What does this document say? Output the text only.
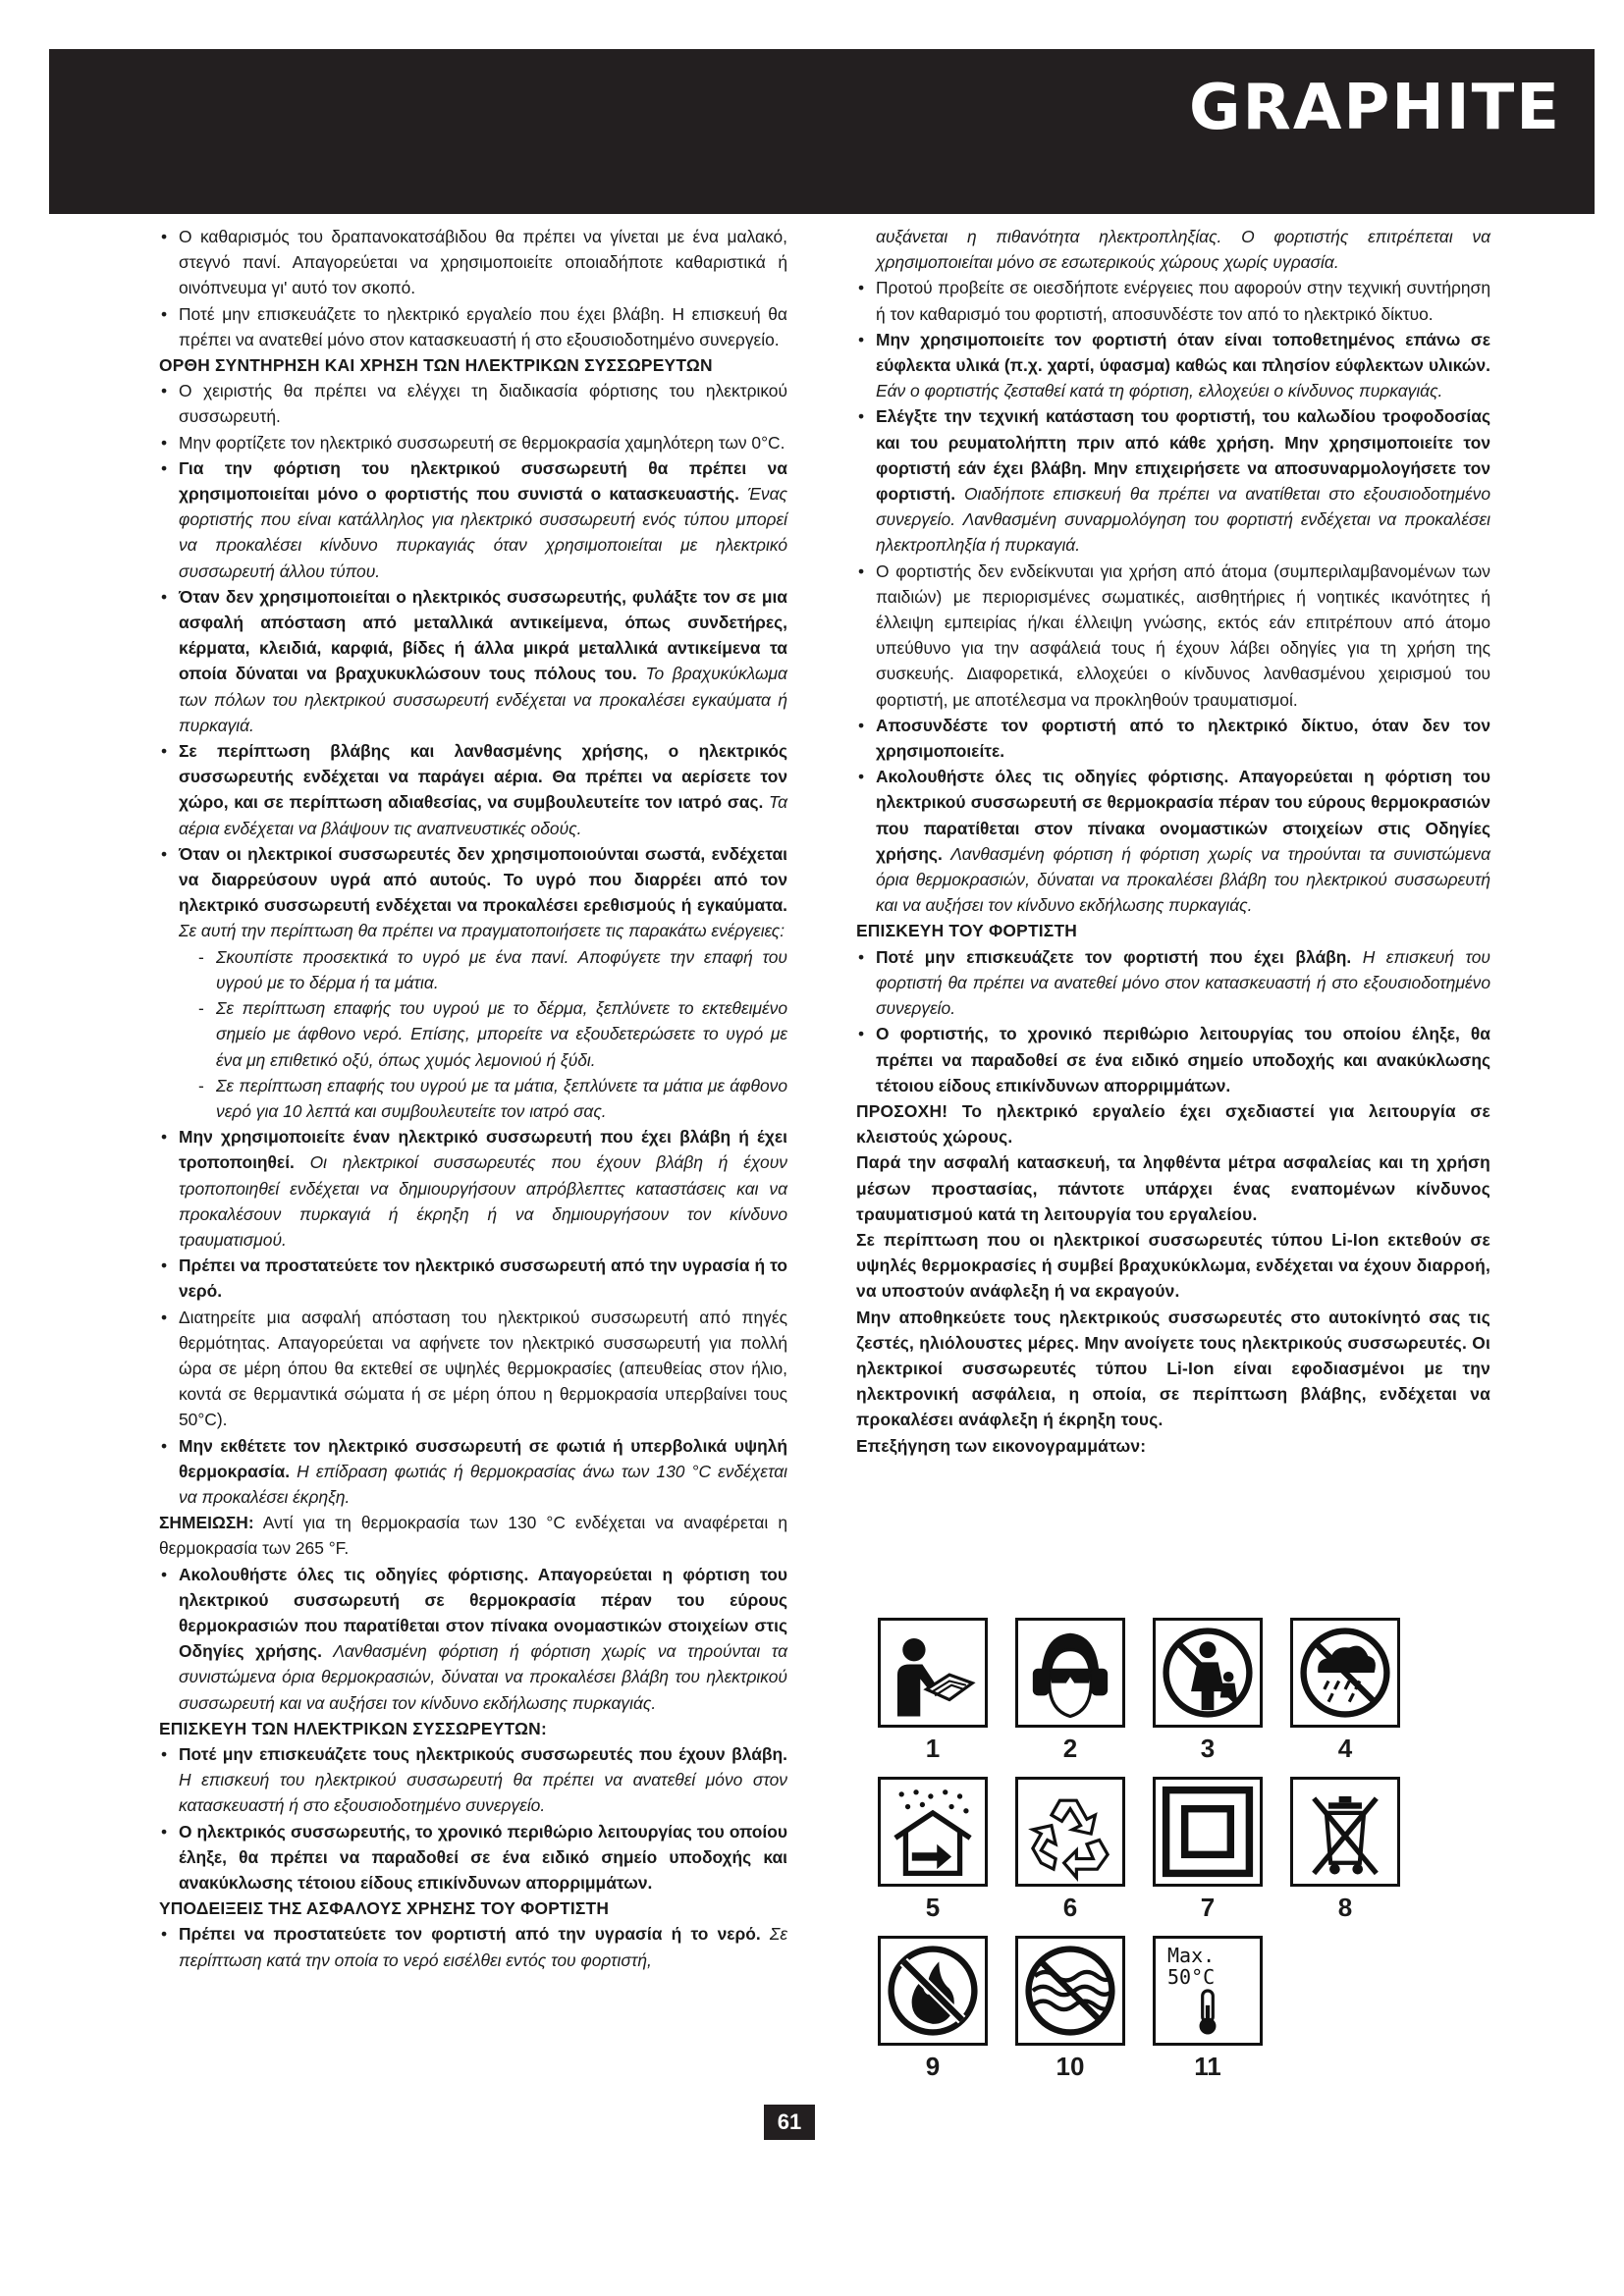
GRAPHITE
• Ο καθαρισμός του δραπανοκατσάβιδου θα πρέπει να γίνεται με ένα μαλακό, στεγνό πανί. Απαγορεύεται να χρησιμοποιείτε οποιαδήποτε καθαριστικά ή οινόπνευμα γι' αυτό τον σκοπό.
• Ποτέ μην επισκευάζετε το ηλεκτρικό εργαλείο που έχει βλάβη. Η επισκευή θα πρέπει να ανατεθεί μόνο στον κατασκευαστή ή στο εξουσιοδοτημένο συνεργείο.

ΟΡΘΗ ΣΥΝΤΗΡΗΣΗ ΚΑΙ ΧΡΗΣΗ ΤΩΝ ΗΛΕΚΤΡΙΚΩΝ ΣΥΣΣΩΡΕΥΤΩΝ

• Ο χειριστής θα πρέπει να ελέγχει τη διαδικασία φόρτισης του ηλεκτρικού συσσωρευτή.
• Μην φορτίζετε τον ηλεκτρικό συσσωρευτή σε θερμοκρασία χαμηλότερη των 0°C.
• Για την φόρτιση του ηλεκτρικού συσσωρευτή θα πρέπει να χρησιμοποιείται μόνο ο φορτιστής που συνιστά ο κατασκευαστής. Ένας φορτιστής που είναι κατάλληλος για ηλεκτρικό συσσωρευτή ενός τύπου μπορεί να προκαλέσει κίνδυνο πυρκαγιάς όταν χρησιμοποιείται με ηλεκτρικό συσσωρευτή άλλου τύπου.
• Όταν δεν χρησιμοποιείται ο ηλεκτρικός συσσωρευτής, φυλάξτε τον σε μια ασφαλή απόσταση από μεταλλικά αντικείμενα, όπως συνδετήρες, κέρματα, κλειδιά, καρφιά, βίδες ή άλλα μικρά μεταλλικά αντικείμενα τα οποία δύναται να βραχυκυκλώσουν τους πόλους του. Το βραχυκύκλωμα των πόλων του ηλεκτρικού συσσωρευτή ενδέχεται να προκαλέσει εγκαύματα ή πυρκαγιά.
• Σε περίπτωση βλάβης και λανθασμένης χρήσης, ο ηλεκτρικός συσσωρευτής ενδέχεται να παράγει αέρια. Θα πρέπει να αερίσετε τον χώρο, και σε περίπτωση αδιαθεσίας, να συμβουλευτείτε τον ιατρό σας. Τα αέρια ενδέχεται να βλάψουν τις αναπνευστικές οδούς.
• Όταν οι ηλεκτρικοί συσσωρευτές δεν χρησιμοποιούνται σωστά, ενδέχεται να διαρρεύσουν υγρά από αυτούς. Το υγρό που διαρρέει από τον ηλεκτρικό συσσωρευτή ενδέχεται να προκαλέσει ερεθισμούς ή εγκαύματα. Σε αυτή την περίπτωση θα πρέπει να πραγματοποιήσετε τις παρακάτω ενέργειες:
- Σκουπίστε προσεκτικά το υγρό με ένα πανί. Αποφύγετε την επαφή του υγρού με το δέρμα ή τα μάτια.
- Σε περίπτωση επαφής του υγρού με το δέρμα, ξεπλύνετε το εκτεθειμένο σημείο με άφθονο νερό. Επίσης, μπορείτε να εξουδετερώσετε το υγρό με ένα μη επιθετικό οξύ, όπως χυμός λεμονιού ή ξύδι.
- Σε περίπτωση επαφής του υγρού με τα μάτια, ξεπλύνετε τα μάτια με άφθονο νερό για 10 λεπτά και συμβουλευτείτε τον ιατρό σας.
• Μην χρησιμοποιείτε έναν ηλεκτρικό συσσωρευτή που έχει βλάβη ή έχει τροποποιηθεί. Οι ηλεκτρικοί συσσωρευτές που έχουν βλάβη ή έχουν τροποποιηθεί ενδέχεται να δημιουργήσουν απρόβλεπτες καταστάσεις και να προκαλέσουν πυρκαγιά ή έκρηξη ή να δημιουργήσουν τον κίνδυνο τραυματισμού.
• Πρέπει να προστατεύετε τον ηλεκτρικό συσσωρευτή από την υγρασία ή το νερό.
• Διατηρείτε μια ασφαλή απόσταση του ηλεκτρικού συσσωρευτή από πηγές θερμότητας. Απαγορεύεται να αφήνετε τον ηλεκτρικό συσσωρευτή για πολλή ώρα σε μέρη όπου θα εκτεθεί σε υψηλές θερμοκρασίες (απευθείας στον ήλιο, κοντά σε θερμαντικά σώματα ή σε μέρη όπου η θερμοκρασία υπερβαίνει τους 50°C).
• Μην εκθέτετε τον ηλεκτρικό συσσωρευτή σε φωτιά ή υπερβολικά υψηλή θερμοκρασία. Η επίδραση φωτιάς ή θερμοκρασίας άνω των 130 °C ενδέχεται να προκαλέσει έκρηξη.

ΣΗΜΕΙΩΣΗ: Αντί για τη θερμοκρασία των 130 °C ενδέχεται να αναφέρεται η θερμοκρασία των 265 °F.

• Ακολουθήστε όλες τις οδηγίες φόρτισης. Απαγορεύεται η φόρτιση του ηλεκτρικού συσσωρευτή σε θερμοκρασία πέραν του εύρους θερμοκρασιών που παρατίθεται στον πίνακα ονομαστικών στοιχείων στις Οδηγίες χρήσης. Λανθασμένη φόρτιση ή φόρτιση χωρίς να τηρούνται τα συνιστώμενα όρια θερμοκρασιών, δύναται να προκαλέσει βλάβη του ηλεκτρικού συσσωρευτή και να αυξήσει τον κίνδυνο εκδήλωσης πυρκαγιάς.

ΕΠΙΣΚΕΥΗ ΤΩΝ ΗΛΕΚΤΡΙΚΩΝ ΣΥΣΣΩΡΕΥΤΩΝ:

• Ποτέ μην επισκευάζετε τους ηλεκτρικούς συσσωρευτές που έχουν βλάβη. Η επισκευή του ηλεκτρικού συσσωρευτή θα πρέπει να ανατεθεί μόνο στον κατασκευαστή ή στο εξουσιοδοτημένο συνεργείο.
• Ο ηλεκτρικός συσσωρευτής, το χρονικό περιθώριο λειτουργίας του οποίου έληξε, θα πρέπει να παραδοθεί σε ένα ειδικό σημείο υποδοχής και ανακύκλωσης τέτοιου είδους επικίνδυνων απορριμμάτων.

ΥΠΟΔΕΙΞΕΙΣ ΤΗΣ ΑΣΦΑΛΟΥΣ ΧΡΗΣΗΣ ΤΟΥ ΦΟΡΤΙΣΤΗ

• Πρέπει να προστατεύετε τον φορτιστή από την υγρασία ή το νερό. Σε περίπτωση κατά την οποία το νερό εισέλθει εντός του φορτιστή,

αυξάνεται η πιθανότητα ηλεκτροπληξίας. Ο φορτιστής επιτρέπεται να χρησιμοποιείται μόνο σε εσωτερικούς χώρους χωρίς υγρασία.

• Προτού προβείτε σε οιεσδήποτε ενέργειες που αφορούν στην τεχνική συντήρηση ή τον καθαρισμό του φορτιστή, αποσυνδέστε τον από το ηλεκτρικό δίκτυο.
• Μην χρησιμοποιείτε τον φορτιστή όταν είναι τοποθετημένος επάνω σε εύφλεκτα υλικά (π.χ. χαρτί, ύφασμα) καθώς και πλησίον εύφλεκτων υλικών. Εάν ο φορτιστής ζεσταθεί κατά τη φόρτιση, ελλοχεύει ο κίνδυνος πυρκαγιάς.
• Ελέγξτε την τεχνική κατάσταση του φορτιστή, του καλωδίου τροφοδοσίας και του ρευματολήπτη πριν από κάθε χρήση. Μην χρησιμοποιείτε τον φορτιστή εάν έχει βλάβη. Μην επιχειρήσετε να αποσυναρμολογήσετε τον φορτιστή. Οιαδήποτε επισκευή θα πρέπει να ανατίθεται στο εξουσιοδοτημένο συνεργείο. Λανθασμένη συναρμολόγηση του φορτιστή ενδέχεται να προκαλέσει ηλεκτροπληξία ή πυρκαγιά.
• Ο φορτιστής δεν ενδείκνυται για χρήση από άτομα (συμπεριλαμβανομένων των παιδιών) με περιορισμένες σωματικές, αισθητήριες ή νοητικές ικανότητες ή έλλειψη εμπειρίας ή/και έλλειψη γνώσης, εκτός εάν επιτρέπουν από άτομο υπεύθυνο για την ασφάλειά τους ή έχουν λάβει οδηγίες για τη χρήση της συσκευής. Διαφορετικά, ελλοχεύει ο κίνδυνος λανθασμένου χειρισμού του φορτιστή, με αποτέλεσμα να προκληθούν τραυματισμοί.
• Αποσυνδέστε τον φορτιστή από το ηλεκτρικό δίκτυο, όταν δεν τον χρησιμοποιείτε.
• Ακολουθήστε όλες τις οδηγίες φόρτισης. Απαγορεύεται η φόρτιση του ηλεκτρικού συσσωρευτή σε θερμοκρασία πέραν του εύρους θερμοκρασιών που παρατίθεται στον πίνακα ονομαστικών στοιχείων στις Οδηγίες χρήσης. Λανθασμένη φόρτιση ή φόρτιση χωρίς να τηρούνται τα συνιστώμενα όρια θερμοκρασιών, δύναται να προκαλέσει βλάβη του ηλεκτρικού συσσωρευτή και να αυξήσει τον κίνδυνο εκδήλωσης πυρκαγιάς.

ΕΠΙΣΚΕΥΗ ΤΟΥ ΦΟΡΤΙΣΤΗ

• Ποτέ μην επισκευάζετε τον φορτιστή που έχει βλάβη. Η επισκευή του φορτιστή θα πρέπει να ανατεθεί μόνο στον κατασκευαστή ή στο εξουσιοδοτημένο συνεργείο.
• Ο φορτιστής, το χρονικό περιθώριο λειτουργίας του οποίου έληξε, θα πρέπει να παραδοθεί σε ένα ειδικό σημείο υποδοχής και ανακύκλωσης τέτοιου είδους επικίνδυνων απορριμμάτων.

ΠΡΟΣΟΧΗ! Το ηλεκτρικό εργαλείο έχει σχεδιαστεί για λειτουργία σε κλειστούς χώρους.

Παρά την ασφαλή κατασκευή, τα ληφθέντα μέτρα ασφαλείας και τη χρήση μέσων προστασίας, πάντοτε υπάρχει ένας εναπομένων κίνδυνος τραυματισμού κατά τη λειτουργία του εργαλείου.

Σε περίπτωση που οι ηλεκτρικοί συσσωρευτές τύπου Li-Ion εκτεθούν σε υψηλές θερμοκρασίες ή συμβεί βραχυκύκλωμα, ενδέχεται να έχουν διαρροή, να υποστούν ανάφλεξη ή να εκραγούν.

Μην αποθηκεύετε τους ηλεκτρικούς συσσωρευτές στο αυτοκίνητό σας τις ζεστές, ηλιόλουστες μέρες. Μην ανοίγετε τους ηλεκτρικούς συσσωρευτές. Οι ηλεκτρικοί συσσωρευτές τύπου Li-Ion είναι εφοδιασμένοι με την ηλεκτρονική ασφάλεια, η οποία, σε περίπτωση βλάβης, ενδέχεται να προκαλέσει ανάφλεξη ή έκρηξη τους.

Επεξήγηση των εικονογραμμάτων:

1	2	3	4
5	6	7	8
9	10
Max.
50°C
11
61
